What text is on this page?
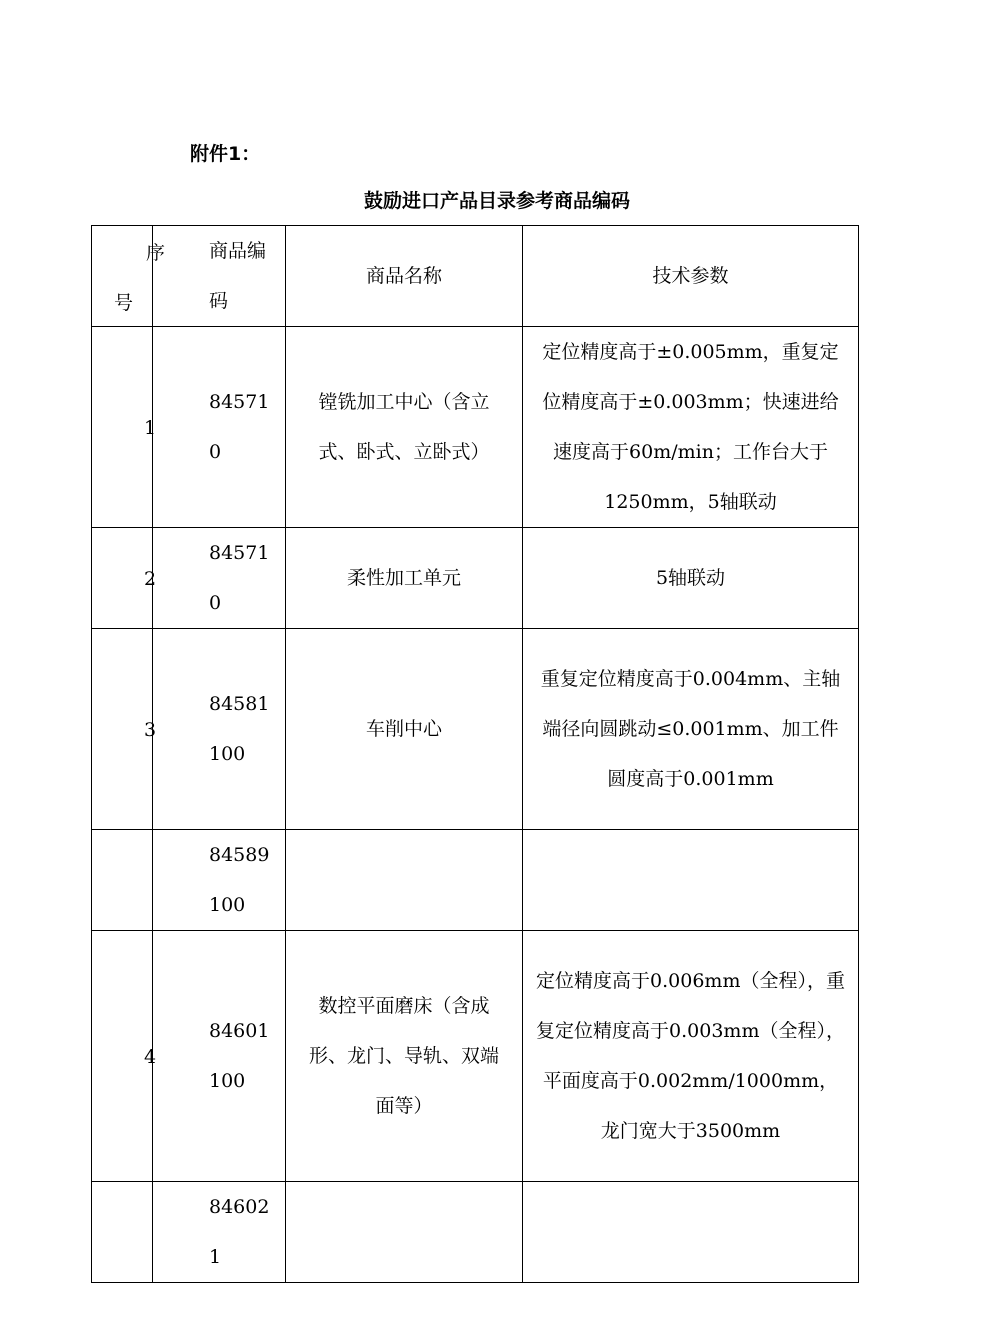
附件1：
鼓励进口产品目录参考商品编码
序
号	商品编码	商品名称	技术参数
1	845710	镗铣加工中心（含立式、卧式、立卧式）	定位精度高于±0.005mm，重复定位精度高于±0.003mm；快速进给速度高于60m/min；工作台大于1250mm，5轴联动
2	845710	柔性加工单元	5轴联动
3	84581100	车削中心	重复定位精度高于0.004mm、主轴端径向圆跳动≤0.001mm、加工件圆度高于0.001mm
	84589100		
4	84601100	数控平面磨床（含成形、龙门、导轨、双端面等）	定位精度高于0.006mm（全程），重复定位精度高于0.003mm（全程），平面度高于0.002mm/1000mm，龙门宽大于3500mm
	846021		
